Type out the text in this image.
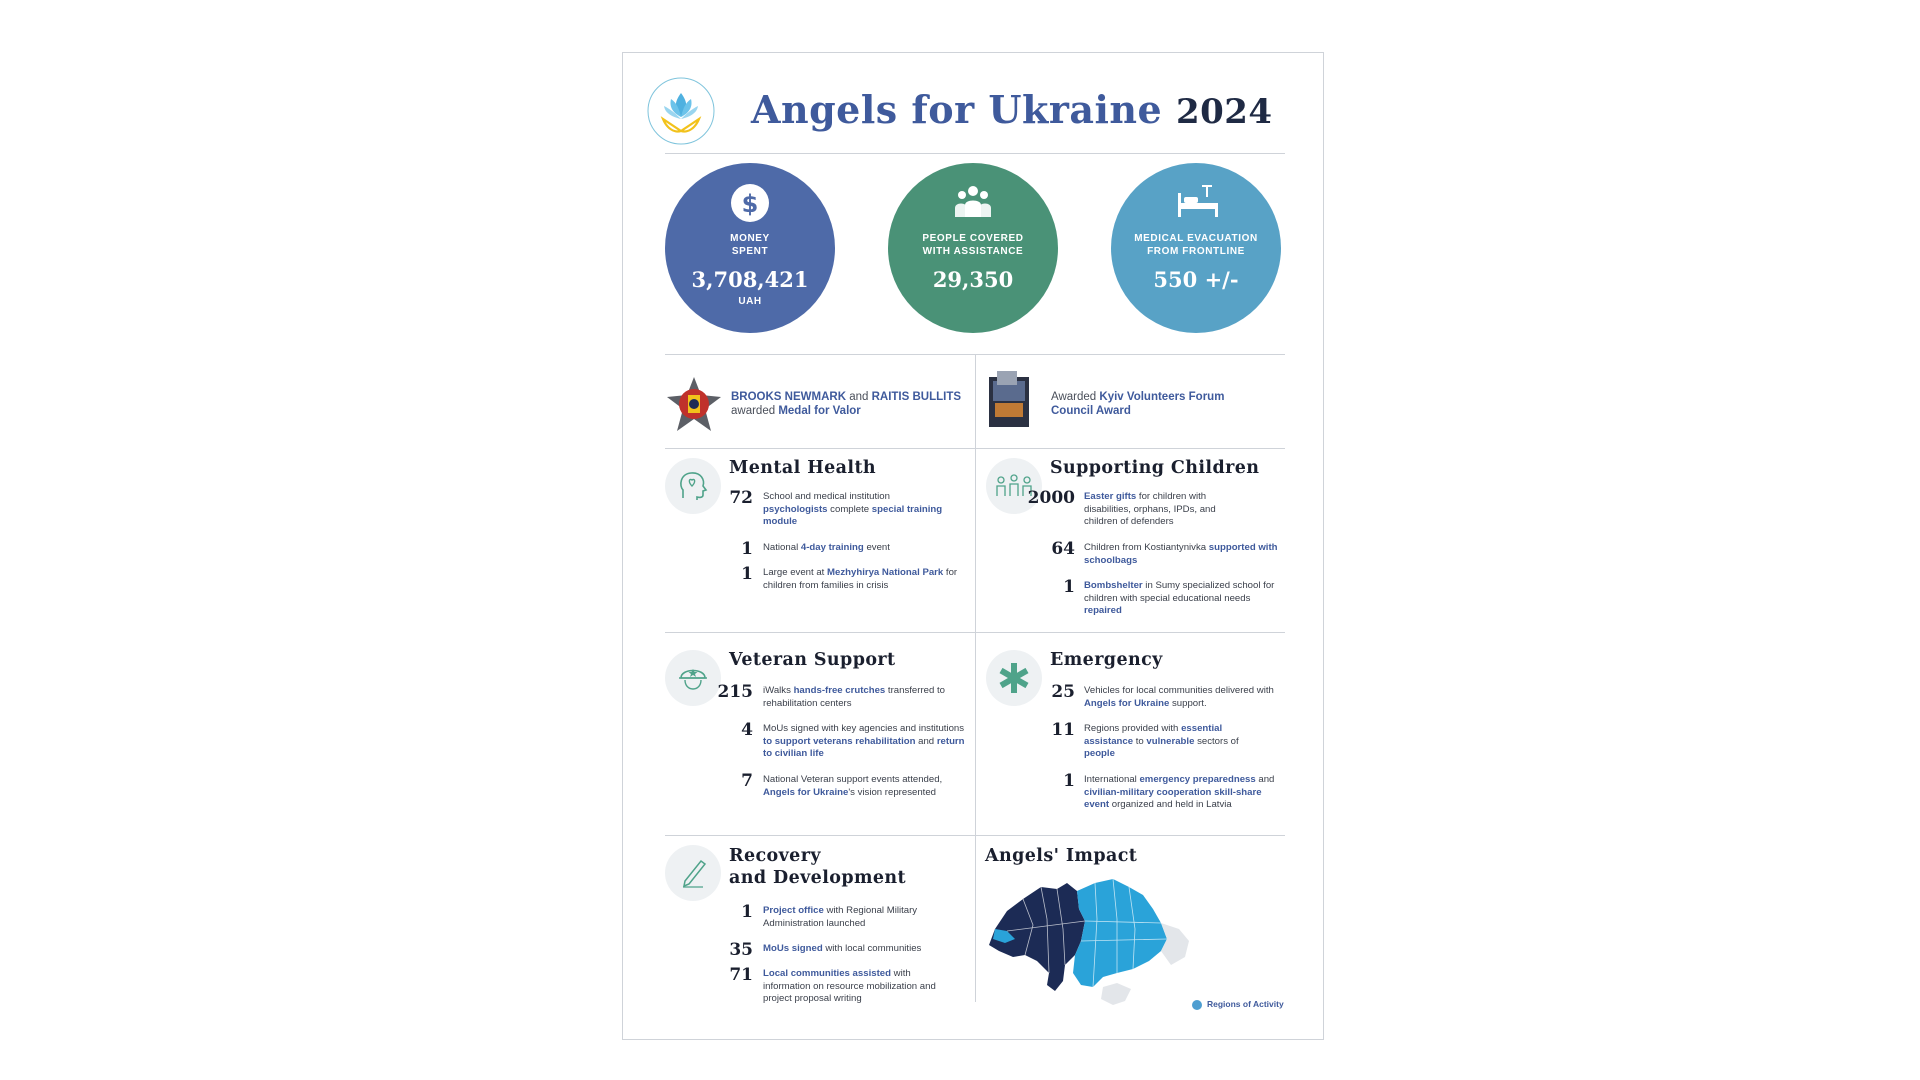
Angels for Ukraine 2024
$
MONEY
SPENT
3,708,421
UAH
PEOPLE COVERED
WITH ASSISTANCE
29,350
MEDICAL EVACUATION
FROM FRONTLINE
550 +/-
BROOKS NEWMARK and RAITIS BULLITS
awarded Medal for Valor
Awarded Kyiv Volunteers Forum Council Award
Mental Health
72 School and medical institution psychologists complete special training module
1 National 4-day training event
1 Large event at Mezhyhirya National Park for children from families in crisis
Supporting Children
2000 Easter gifts for children with disabilities, orphans, IPDs, and children of defenders
64 Children from Kostiantynivka supported with schoolbags
1 Bombshelter in Sumy specialized school for children with special educational needs repaired
Veteran Support
215 iWalks hands-free crutches transferred to rehabilitation centers
4 MoUs signed with key agencies and institutions to support veterans rehabilitation and return to civilian life
7 National Veteran support events attended, Angels for Ukraine's vision represented
Emergency
25 Vehicles for local communities delivered with Angels for Ukraine support.
11 Regions provided with essential assistance to vulnerable sectors of people
1 International emergency preparedness and civilian-military cooperation skill-share event organized and held in Latvia
Recovery
and Development
1 Project office with Regional Military Administration launched
35 MoUs signed with local communities
71 Local communities assisted with information on resource mobilization and project proposal writing
Angels' Impact
Regions of Activity
